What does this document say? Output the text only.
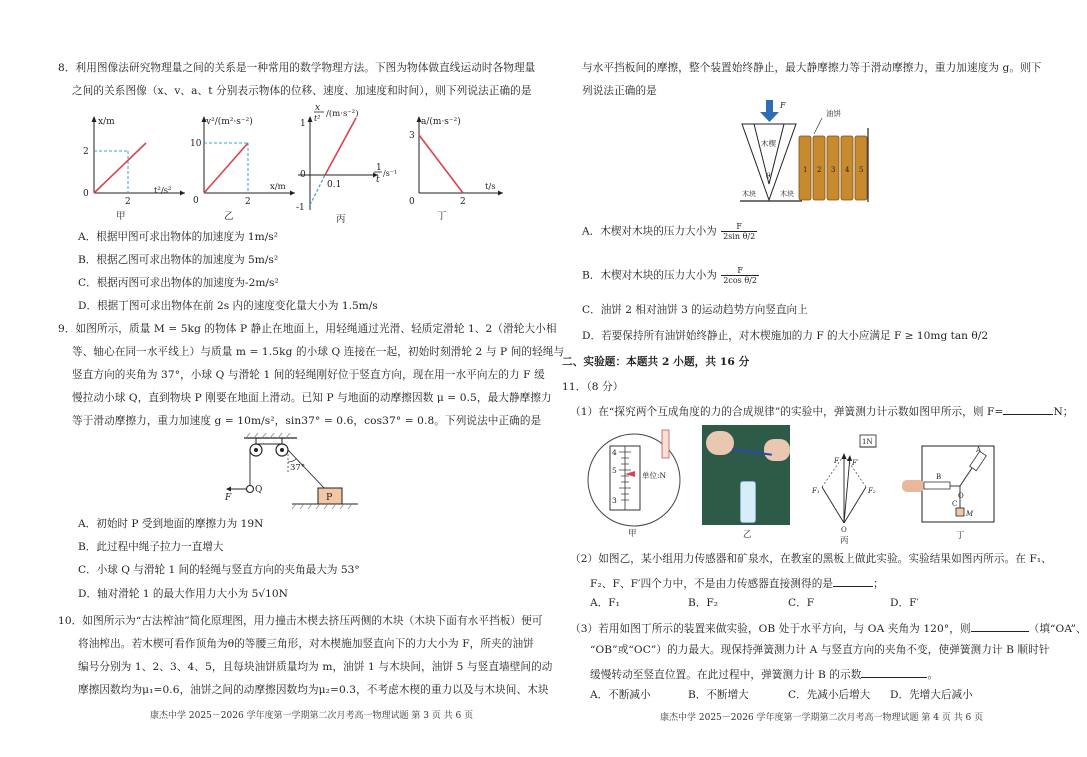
8．利用图像法研究物理量之间的关系是一种常用的数学物理方法。下图为物体做直线运动时各物理量
之间的关系图像（x、v、a、t 分别表示物体的位移、速度、加速度和时间），则下列说法正确的是
x/m
2
0
2
t²/s²
甲
v²/(m²·s⁻²)
10
0	2
x/m
乙
x
t² /(m·s⁻²)
1
0
-1
0.1
1
t
/s⁻¹
丙
a/(m·s⁻²)
3
0	2
t/s
丁
A．根据甲图可求出物体的加速度为 1m/s²
B．根据乙图可求出物体的加速度为 5m/s²
C．根据丙图可求出物体的加速度为-2m/s²
D．根据丁图可求出物体在前 2s 内的速度变化量大小为 1.5m/s
9．如图所示，质量 M = 5kg 的物体 P 静止在地面上，用轻绳通过光滑、轻质定滑轮 1、2（滑轮大小相
等、轴心在同一水平线上）与质量 m = 1.5kg 的小球 Q 连接在一起，初始时刻滑轮 2 与 P 间的轻绳与
竖直方向的夹角为 37°，小球 Q 与滑轮 1 间的轻绳刚好位于竖直方向，现在用一水平向左的力 F 缓
慢拉动小球 Q，直到物块 P 刚要在地面上滑动。已知 P 与地面的动摩擦因数 μ = 0.5，最大静摩擦力
等于滑动摩擦力，重力加速度 g = 10m/s²，sin37° = 0.6，cos37° = 0.8。下列说法中正确的是
37°
F
Q
P
A．初始时 P 受到地面的摩擦力为 19N
B．此过程中绳子拉力一直增大
C．小球 Q 与滑轮 1 间的轻绳与竖直方向的夹角最大为 53°
D．轴对滑轮 1 的最大作用力大小为 5√10N
10．如图所示为“古法榨油”简化原理图，用力撞击木楔去挤压两侧的木块（木块下面有水平挡板）便可
将油榨出。若木楔可看作顶角为θ的等腰三角形，对木楔施加竖直向下的力大小为 F，所夹的油饼
编号分别为 1、2、3、4、5，且每块油饼质量均为 m，油饼 1 与木块间，油饼 5 与竖直墙壁间的动
摩擦因数均为μ₁=0.6，油饼之间的动摩擦因数均为μ₂=0.3，不考虑木楔的重力以及与木块间、木块
康杰中学 2025－2026 学年度第一学期第二次月考高一物理试题 第 3 页 共 6 页
与水平挡板间的摩擦，整个装置始终静止，最大静摩擦力等于滑动摩擦力，重力加速度为 g。则下
列说法正确的是
F
木楔
θ
木块	木块
油饼
1 2 3 4 5
A．木楔对木块的压力大小为 $\frac{F}{\text{2sin θ/2}}$
B．木楔对木块的压力大小为 $\frac{F}{\text{2cos θ/2}}$
C．油饼 2 相对油饼 3 的运动趋势方向竖直向上
D．若要保持所有油饼始终静止，对木楔施加的力 F 的大小应满足 F ≥ 10mg tan θ/2
二、实验题：本题共 2 小题，共 16 分
11．（8 分）
（1）在“探究两个互成角度的力的合成规律”的实验中，弹簧测力计示数如图甲所示，则 F=	N；
4
5
3
单位:N
甲	乙
1N
F F′
F₁	F₂
O
丙
A
B
O
C
M
丁
（2）如图乙，某小组用力传感器和矿泉水，在教室的黑板上做此实验。实验结果如图丙所示。在 F₁、
F₂、F、F′四个力中，不是由力传感器直接测得的是	；
A．F₁	B．F₂	C．F	D．F′
（3）若用如图丁所示的装置来做实验，OB 处于水平方向，与 OA 夹角为 120°，则	（填“OA”、
“OB”或“OC”）的力最大。现保持弹簧测力计 A 与竖直方向的夹角不变，使弹簧测力计 B 顺时针
缓慢转动至竖直位置。在此过程中，弹簧测力计 B 的示数	。
A．不断减小	B．不断增大	C．先减小后增大 D．先增大后减小
康杰中学 2025－2026 学年度第一学期第二次月考高一物理试题 第 4 页 共 6 页
